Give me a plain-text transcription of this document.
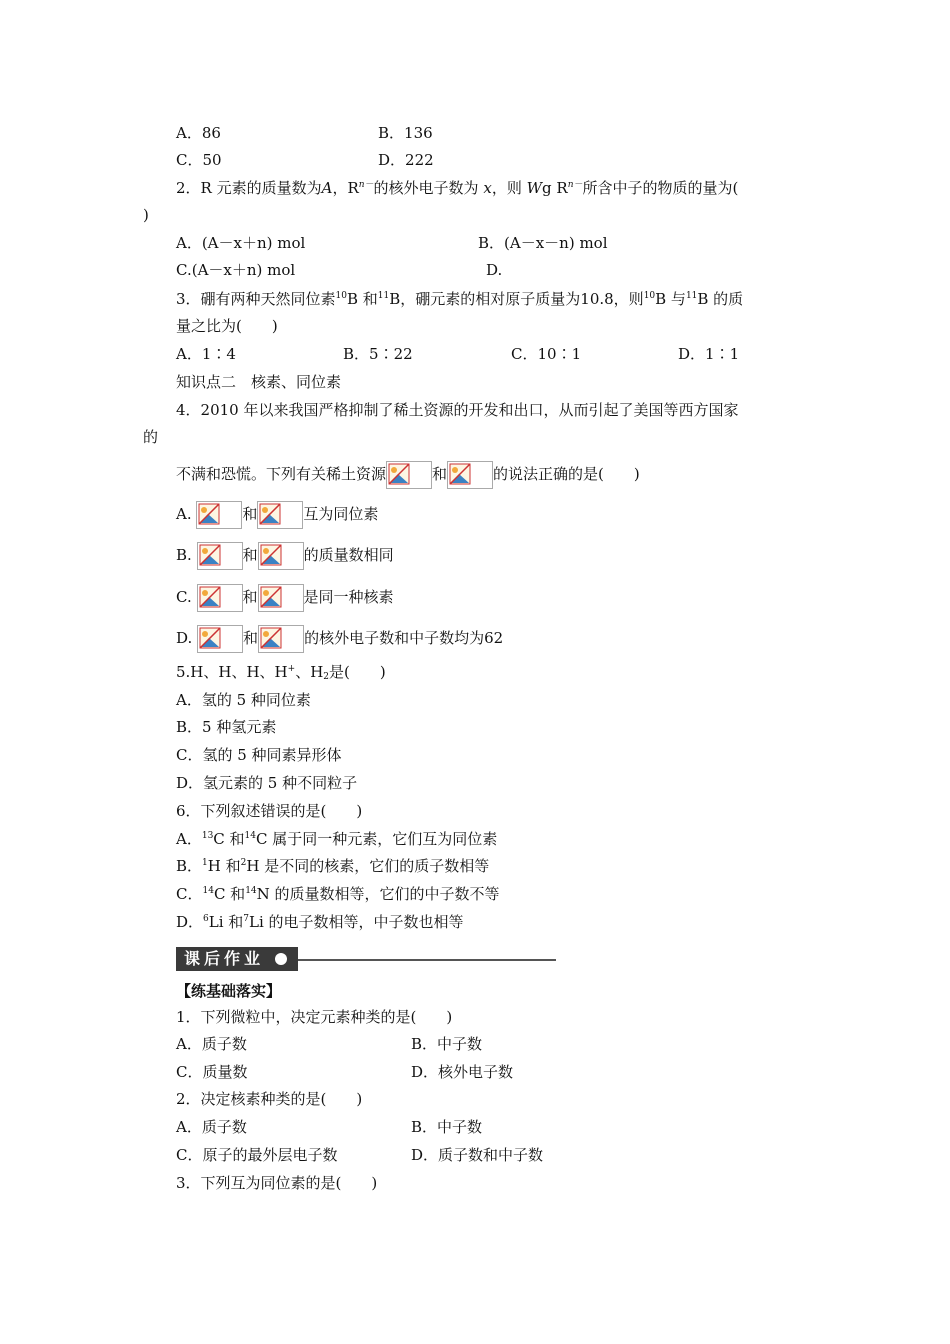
A．86	B．136
C．50	D．222
2．R 元素的质量数为A，$R^{n-}$的核外电子数为 x，则 Wg $R^{n-}$所含中子的物质的量为(
)
A．(A－x＋n) mol	B．(A－x－n) mol
C.(A－x＋n) mol	D.
3．硼有两种天然同位素$^{10}$B 和$^{11}$B，硼元素的相对原子质量为10.8，则$^{10}$B 与$^{11}$B 的质
量之比为(　　)
A．1∶4	B．5∶22	C．10∶1	D．1∶1
知识点二　核素、同位素
4．2010 年以来我国严格抑制了稀土资源的开发和出口，从而引起了美国等西方国家
的
不满和恐慌。下列有关稀土资源	和	的说法正确的是(　　)
A.	和	互为同位素
B.	和	的质量数相同
C.	和	是同一种核素
D.	和	的核外电子数和中子数均为62
5.H、H、H、H+、$H_2$是(　　)
A．氢的 5 种同位素
B．5 种氢元素
C．氢的 5 种同素异形体
D．氢元素的 5 种不同粒子
6．下列叙述错误的是(　　)
A．$^{13}$C 和$^{14}$C 属于同一种元素，它们互为同位素
B．$^1$H 和$^2$H 是不同的核素，它们的质子数相等
C．$^{14}$C 和$^{14}$N 的质量数相等，它们的中子数不等
D．$^6$Li 和$^7$Li 的电子数相等，中子数也相等
课后作业
【练基础落实】
1．下列微粒中，决定元素种类的是(　　)
A．质子数	B．中子数
C．质量数	D．核外电子数
2．决定核素种类的是(　　)
A．质子数	B．中子数
C．原子的最外层电子数	D．质子数和中子数
3．下列互为同位素的是(　　)
